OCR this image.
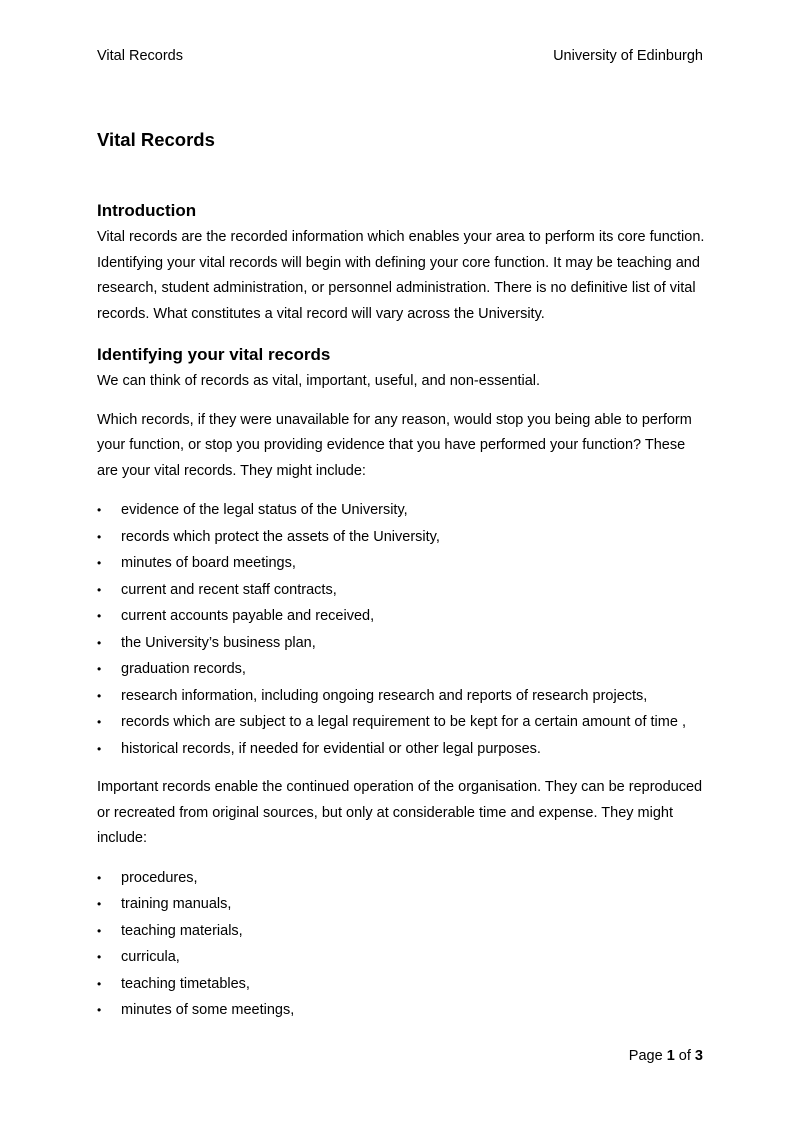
Vital Records	University of Edinburgh
Vital Records
Introduction

Vital records are the recorded information which enables your area to perform its core function. Identifying your vital records will begin with defining your core function. It may be teaching and research, student administration, or personnel administration. There is no definitive list of vital records. What constitutes a vital record will vary across the University.

Identifying your vital records

We can think of records as vital, important, useful, and non-essential.

Which records, if they were unavailable for any reason, would stop you being able to perform your function, or stop you providing evidence that you have performed your function? These are your vital records. They might include:

• evidence of the legal status of the University,
• records which protect the assets of the University,
• minutes of board meetings,
• current and recent staff contracts,
• current accounts payable and received,
• the University’s business plan,
• graduation records,
• research information, including ongoing research and reports of research projects,
• records which are subject to a legal requirement to be kept for a certain amount of time ,
• historical records, if needed for evidential or other legal purposes.

Important records enable the continued operation of the organisation. They can be reproduced or recreated from original sources, but only at considerable time and expense. They might include:

• procedures,
• training manuals,
• teaching materials,
• curricula,
• teaching timetables,
• minutes of some meetings,
Page 1 of 3
